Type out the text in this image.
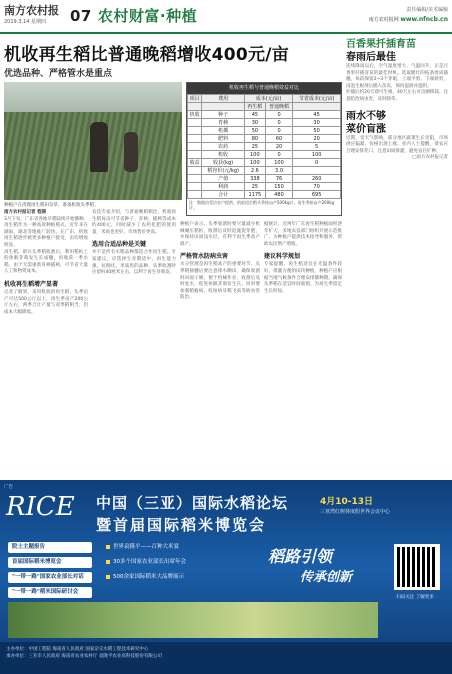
南方农村报
2019.3.14 星期四 07 农村财富·种植	责任编辑/美术编辑
南方农村报网 www.nfncb.cn
机收再生稻比普通晚稻增收400元/亩
优选品种、严格管水是重点
种植户在清理再生稻田杂草，准备机收头季稻。
机收再生稻与普通晚稻效益对比
项目	费用	成本(元/亩)		节省成本(元/亩)
		再生稻	普通晚稻	
机收	种子	45	0	45
	育秧	30	0	30
	机插	50	0	50
	肥料	80	60	20
	农药	25	20	5
	机收	100	0	100
收益	收获(kg)	100	100	0
	稻谷价(元/kg)	2.6	3.0	
	产值	338	76	260
	利润	25	150	70
	合计	1175	480	695
注：数据由受访农户提供，机收再生稻头季按亩产500kg计，再生季按亩产200kg计。
南方农村报记者 程锦
3月下旬，广东省各地早稻陆续开始播种。再生稻作为一种高效种植模式，近年来在湖南、湖北等地推广较快。在广东，机收再生稻逐步被更多种植户接受，亩均增收明显。
再生稻，即在头季稻收割后，利用稻桩上的休眠芽萌发生长成穗，再收获一季水稻。由于无需重新育秧插秧，可节省大量人工和物资成本。
机收再生稻增产显著
记者了解到，采用机收的再生稻，头季亩产可达500公斤以上，再生季亩产200公斤左右，两季合计产量与双季稻相当，但成本大幅降低。
农技专家介绍，与普通晚稻相比，机收再生稻每亩可节省种子、育秧、插秧等成本约400元，同时减少了农药化肥的使用量，米质也更好，市场售价更高。
选用合适品种是关键
并不是所有水稻品种都适合作再生稻。专家建议，应选择生育期适中、再生能力强、抗倒伏、米质优的品种。头季收割时应留桩40厘米左右，以利于再生芽萌发。
种植户表示，头季收割时要尽量减少机械碾压稻桩，收割后及时追施促芽肥，并保持田间浅水层，有利于再生季高产稳产。
严格管水防病虫害
水分管理是再生稻高产的重要环节。头季稻抽穗后要注意排水晒田，确保收割时田面干硬，便于机械作业；收割后及时复水，促进休眠芽萌发生长。同时要加强稻瘟病、纹枯病及稻飞虱等病虫害防治。
据统计，近两年广东再生稻种植面积逐年扩大，多地农技部门组织开展示范推广，为种植户提供技术指导和服务，帮助农民增产增收。
建议科学规划
专家提醒，再生稻适宜在光温条件较好、排灌方便的田块种植，种植户应根据当地气候条件合理安排播种期，确保头季稻在适宜时间收割，为再生季留足生长时间。
百香果扦插育苗
春雨后最佳
连续降雨以后，空气湿度增大，气温回升，正是百香果扦插育苗的最佳时机。选取健壮的枝条剪成插穗，每段保留2~3个芽眼，上端平剪、下端斜剪，浸泡生根剂后插入苗床，保持湿润并遮阴。
扦插后约20天即可生根，40天左右可出圃移栽。注意防治病虫害，及时除草。
雨水不够
菜价盲涨
近期，受天气影响，部分地区蔬菜生长受阻，市场供应偏紧，价格出现上涨。业内人士提醒，菜农应合理安排茬口，注意田间排灌，避免盲目扩种。
□南方农村报记者
广告
RICE 中国（三亚）国际水稻论坛
暨首届国际稻米博览会
4月10-13日
三亚湾红树林度假世界会议中心
院士主题报告
首届国际稻米博览会
"一带一路"国家农业部长对话
"一带一路"稻米国际研讨会
世界袁隆平——百种大米宴
30多个国家农业部长出席年会
500余家国际稻米大品牌展示
稻路引领
传承创新
扫码关注 了解更多
主办单位：中国工程院 海南省人民政府 国家杂交水稻工程技术研究中心
承办单位：三亚市人民政府 海南省农业农村厅 袁隆平农业高科技股份有限公司
